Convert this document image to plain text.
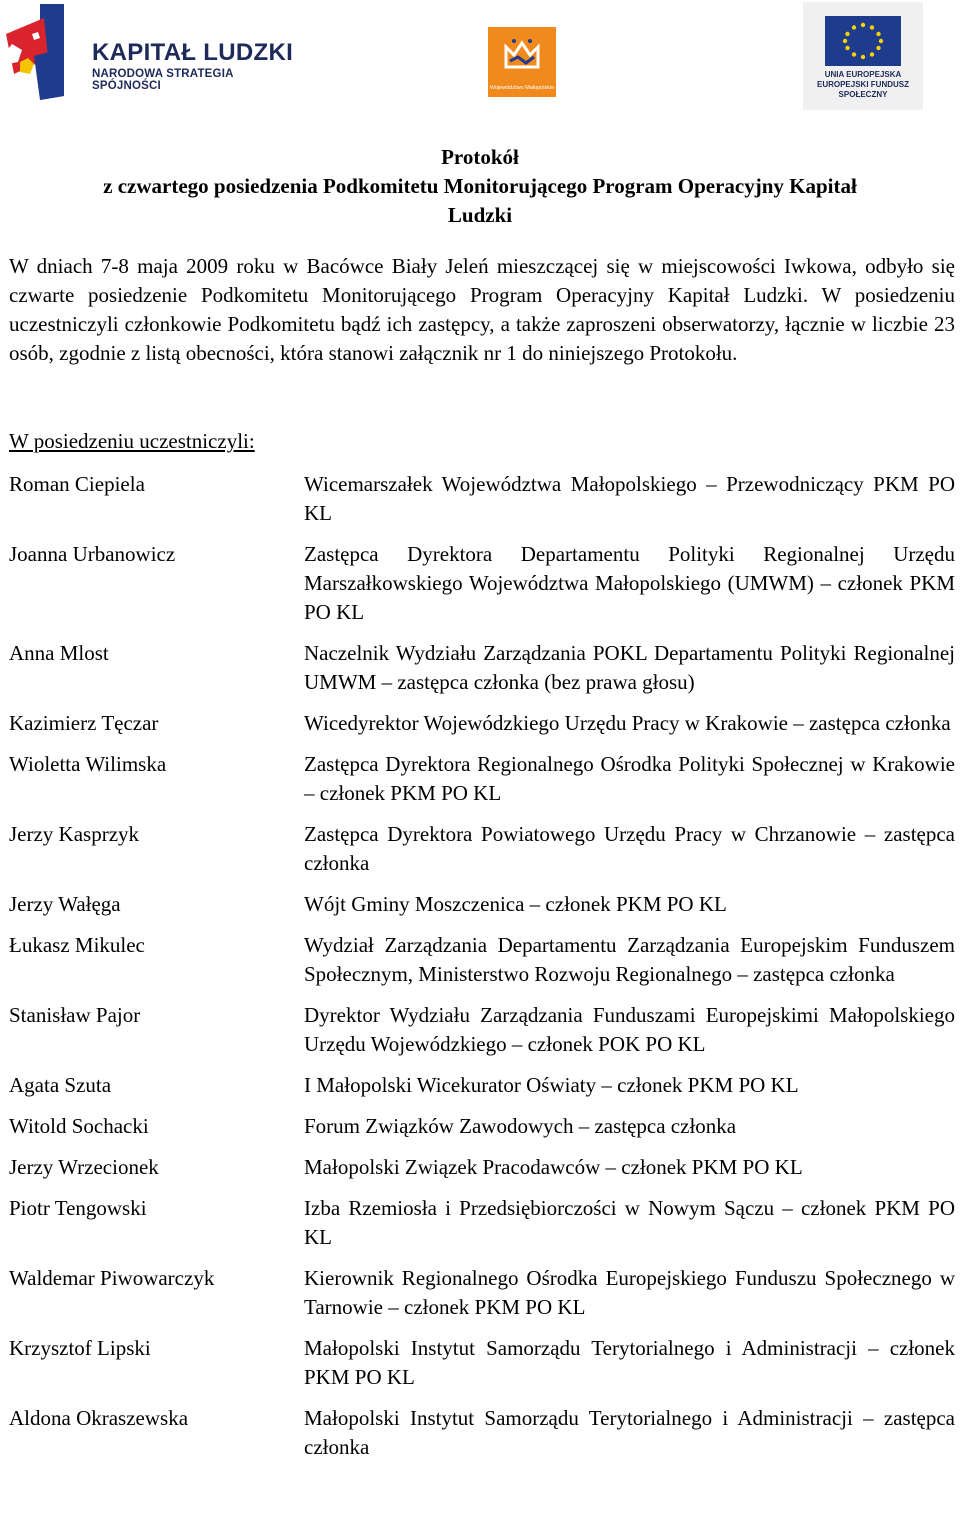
KAPITAŁ LUDZKI
NARODOWA STRATEGIA SPÓJNOŚCI	Województwo Małopolskie
UNIA EUROPEJSKA
EUROPEJSKI FUNDUSZ
SPOŁECZNY
Protokół
z czwartego posiedzenia Podkomitetu Monitorującego Program Operacyjny Kapitał
Ludzki
W dniach 7-8 maja 2009 roku w Bacówce Biały Jeleń mieszczącej się w miejscowości Iwkowa, odbyło się czwarte posiedzenie Podkomitetu Monitorującego Program Operacyjny Kapitał Ludzki. W posiedzeniu uczestniczyli członkowie Podkomitetu bądź ich zastępcy, a także zaproszeni obserwatorzy, łącznie w liczbie 23 osób, zgodnie z listą obecności, która stanowi załącznik nr 1 do niniejszego Protokołu.
W posiedzeniu uczestniczyli:
Roman Ciepiela	Wicemarszałek Województwa Małopolskiego – Przewodniczący PKM PO KL
Joanna Urbanowicz	Zastępca Dyrektora Departamentu Polityki Regionalnej Urzędu Marszałkowskiego Województwa Małopolskiego (UMWM) – członek PKM PO KL
Anna Mlost	Naczelnik Wydziału Zarządzania POKL Departamentu Polityki Regionalnej UMWM – zastępca członka (bez prawa głosu)
Kazimierz Tęczar	Wicedyrektor Wojewódzkiego Urzędu Pracy w Krakowie – zastępca członka
Wioletta Wilimska	Zastępca Dyrektora Regionalnego Ośrodka Polityki Społecznej w Krakowie – członek PKM PO KL
Jerzy Kasprzyk	Zastępca Dyrektora Powiatowego Urzędu Pracy w Chrzanowie – zastępca członka
Jerzy Wałęga	Wójt Gminy Moszczenica – członek PKM PO KL
Łukasz Mikulec	Wydział Zarządzania Departamentu Zarządzania Europejskim Funduszem Społecznym, Ministerstwo Rozwoju Regionalnego – zastępca członka
Stanisław Pajor	Dyrektor Wydziału Zarządzania Funduszami Europejskimi Małopolskiego Urzędu Wojewódzkiego – członek POK PO KL
Agata Szuta	I Małopolski Wicekurator Oświaty – członek PKM PO KL
Witold Sochacki	Forum Związków Zawodowych – zastępca członka
Jerzy Wrzecionek	Małopolski Związek Pracodawców – członek PKM PO KL
Piotr Tengowski	Izba Rzemiosła i Przedsiębiorczości w Nowym Sączu – członek PKM PO KL
Waldemar Piwowarczyk	Kierownik Regionalnego Ośrodka Europejskiego Funduszu Społecznego w Tarnowie – członek PKM PO KL
Krzysztof Lipski	Małopolski Instytut Samorządu Terytorialnego i Administracji – członek PKM PO KL
Aldona Okraszewska	Małopolski Instytut Samorządu Terytorialnego i Administracji – zastępca członka
